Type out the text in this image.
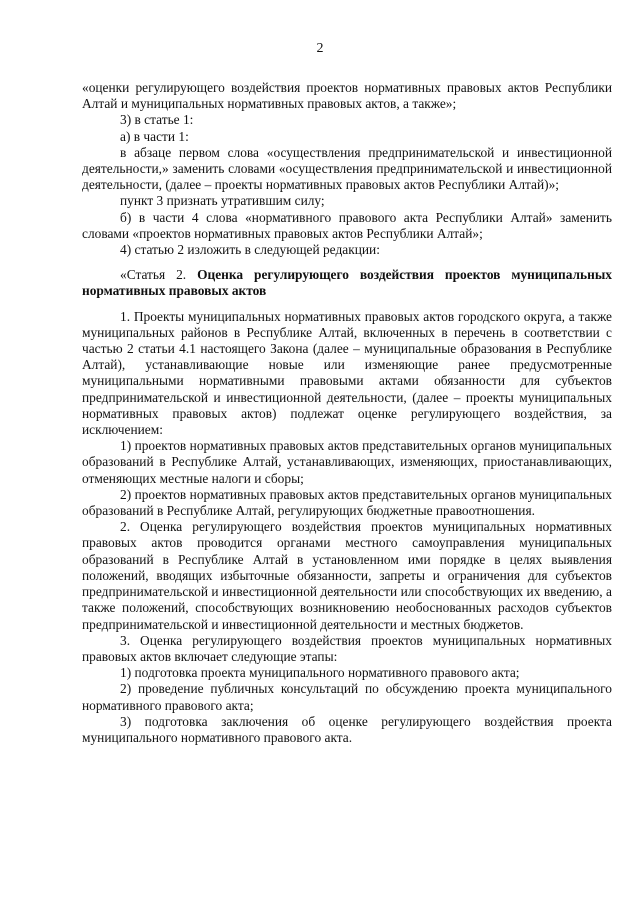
2

«оценки регулирующего воздействия проектов нормативных правовых актов Республики Алтай и муниципальных нормативных правовых актов, а также»;

3) в статье 1:

а) в части 1:

в абзаце первом слова «осуществления предпринимательской и инвестиционной деятельности,» заменить словами «осуществления предпринимательской и инвестиционной деятельности, (далее – проекты нормативных правовых актов Республики Алтай)»;

пункт 3 признать утратившим силу;

б) в части 4 слова «нормативного правового акта Республики Алтай» заменить словами «проектов нормативных правовых актов Республики Алтай»;

4) статью 2 изложить в следующей редакции:

«Статья 2. Оценка регулирующего воздействия проектов муниципальных нормативных правовых актов

1. Проекты муниципальных нормативных правовых актов городского округа, а также муниципальных районов в Республике Алтай, включенных в перечень в соответствии с частью 2 статьи 4.1 настоящего Закона (далее – муниципальные образования в Республике Алтай), устанавливающие новые или изменяющие ранее предусмотренные муниципальными нормативными правовыми актами обязанности для субъектов предпринимательской и инвестиционной деятельности, (далее – проекты муниципальных нормативных правовых актов) подлежат оценке регулирующего воздействия, за исключением:

1) проектов нормативных правовых актов представительных органов муниципальных образований в Республике Алтай, устанавливающих, изменяющих, приостанавливающих, отменяющих местные налоги и сборы;

2) проектов нормативных правовых актов представительных органов муниципальных образований в Республике Алтай, регулирующих бюджетные правоотношения.

2. Оценка регулирующего воздействия проектов муниципальных нормативных правовых актов проводится органами местного самоуправления муниципальных образований в Республике Алтай в установленном ими порядке в целях выявления положений, вводящих избыточные обязанности, запреты и ограничения для субъектов предпринимательской и инвестиционной деятельности или способствующих их введению, а также положений, способствующих возникновению необоснованных расходов субъектов предпринимательской и инвестиционной деятельности и местных бюджетов.

3. Оценка регулирующего воздействия проектов муниципальных нормативных правовых актов включает следующие этапы:

1) подготовка проекта муниципального нормативного правового акта;

2) проведение публичных консультаций по обсуждению проекта муниципального нормативного правового акта;

3) подготовка заключения об оценке регулирующего воздействия проекта муниципального нормативного правового акта.
